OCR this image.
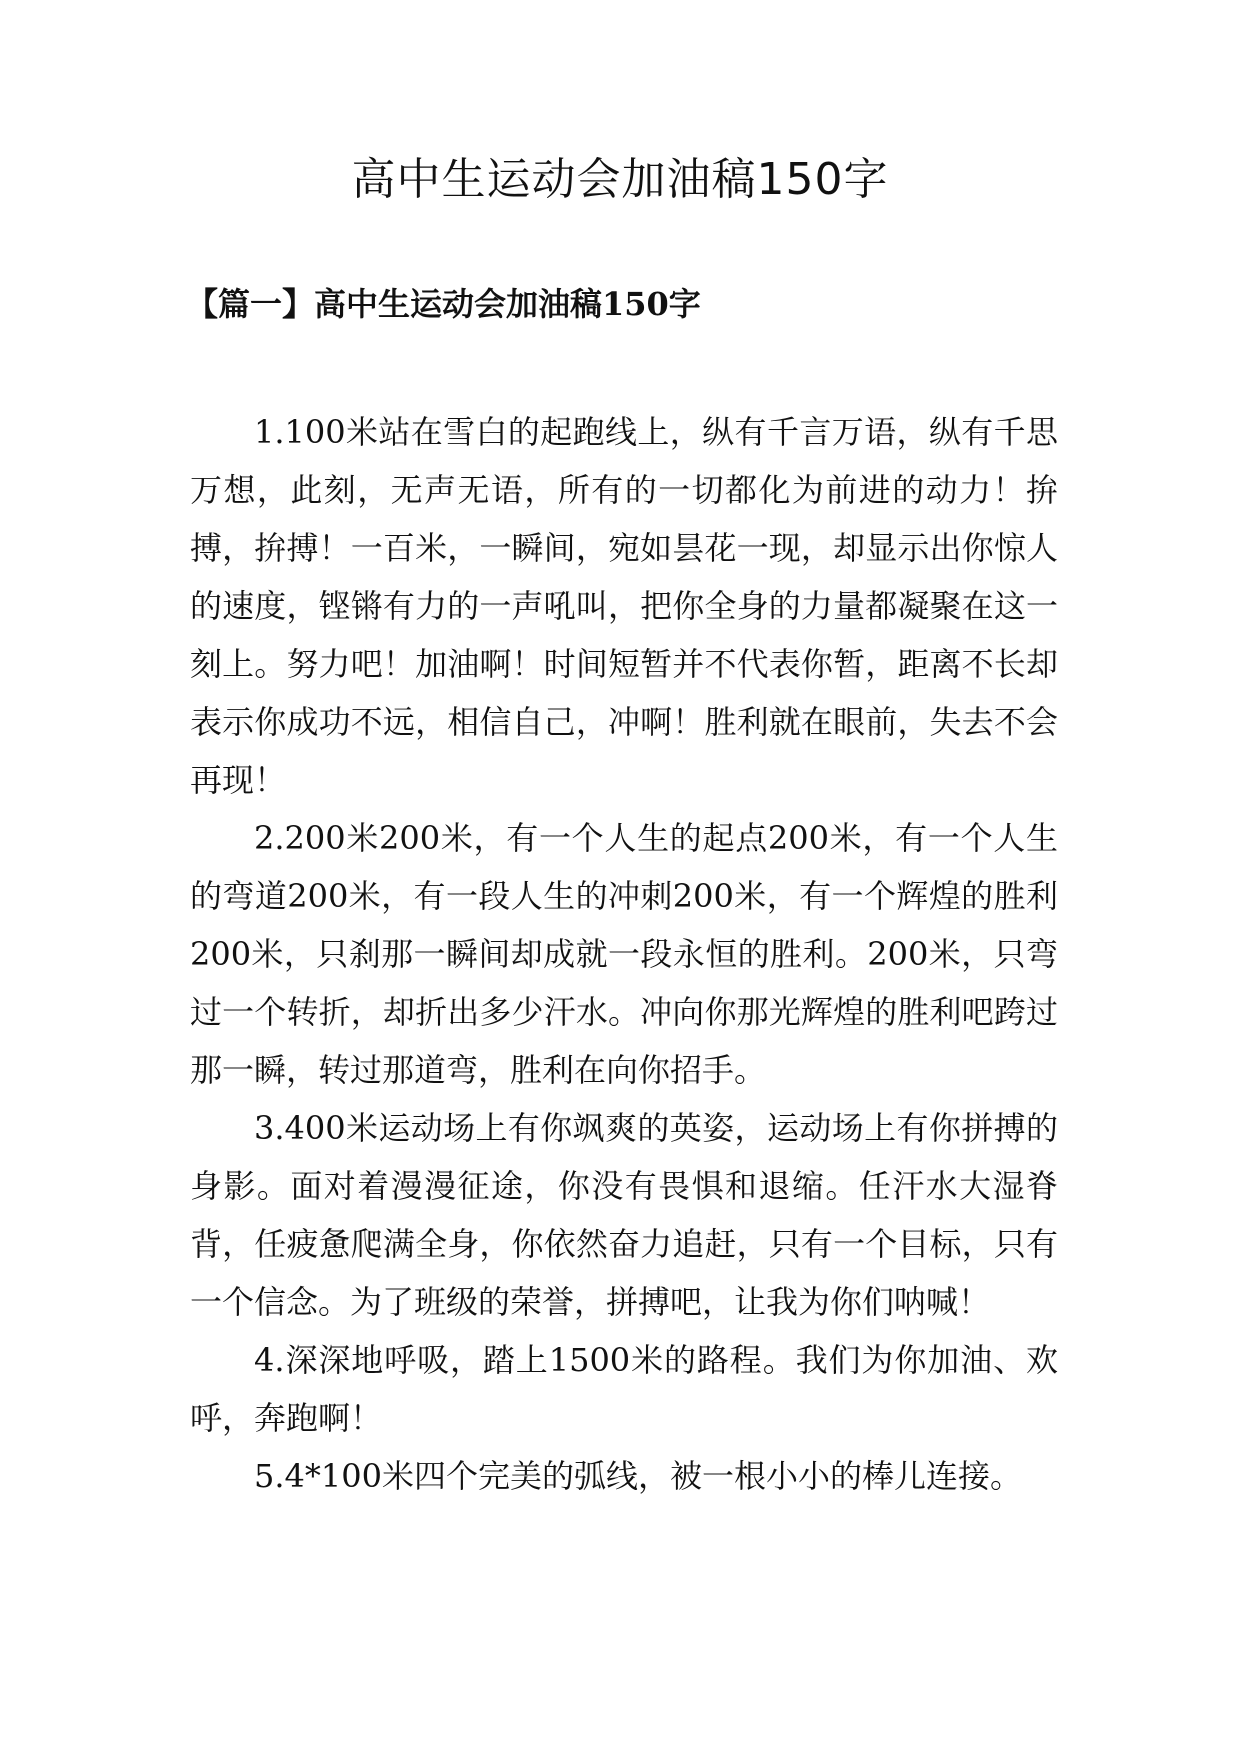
高中生运动会加油稿150字
【篇一】高中生运动会加油稿150字

1.100米站在雪白的起跑线上，纵有千言万语，纵有千思万想，此刻，无声无语，所有的一切都化为前进的动力！拚搏，拚搏！一百米，一瞬间，宛如昙花一现，却显示出你惊人的速度，铿锵有力的一声吼叫，把你全身的力量都凝聚在这一刻上。努力吧！加油啊！时间短暂并不代表你暂，距离不长却表示你成功不远，相信自己，冲啊！胜利就在眼前，失去不会再现！

2.200米200米，有一个人生的起点200米，有一个人生的弯道200米，有一段人生的冲刺200米，有一个辉煌的胜利200米，只刹那一瞬间却成就一段永恒的胜利。200米，只弯过一个转折，却折出多少汗水。冲向你那光辉煌的胜利吧跨过那一瞬，转过那道弯，胜利在向你招手。

3.400米运动场上有你飒爽的英姿，运动场上有你拼搏的身影。面对着漫漫征途，你没有畏惧和退缩。任汗水大湿脊背，任疲惫爬满全身，你依然奋力追赶，只有一个目标，只有一个信念。为了班级的荣誉，拼搏吧，让我为你们呐喊！

4.深深地呼吸，踏上1500米的路程。我们为你加油、欢呼，奔跑啊！

5.4*100米四个完美的弧线，被一根小小的棒儿连接。
